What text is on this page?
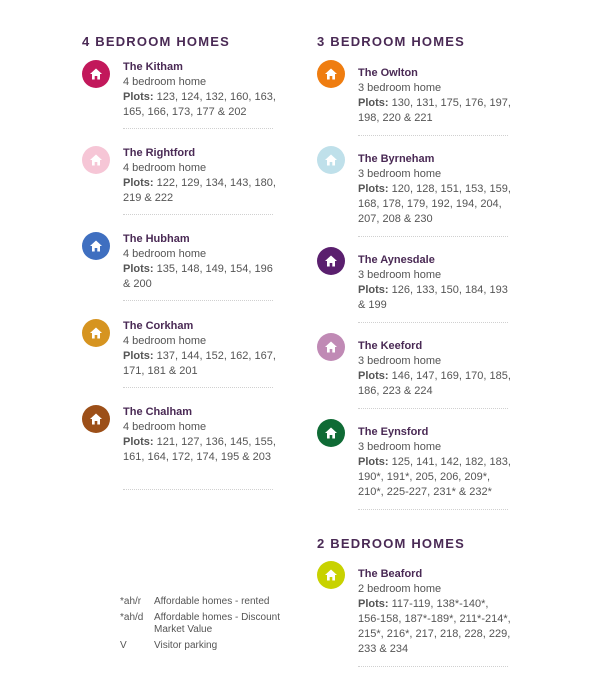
4 BEDROOM HOMES
The Kitham
4 bedroom home
Plots: 123, 124, 132, 160, 163, 165, 166, 173, 177 & 202
The Rightford
4 bedroom home
Plots: 122, 129, 134, 143, 180, 219 & 222
The Hubham
4 bedroom home
Plots: 135, 148, 149, 154, 196 & 200
The Corkham
4 bedroom home
Plots: 137, 144, 152, 162, 167, 171, 181 & 201
The Chalham
4 bedroom home
Plots: 121, 127, 136, 145, 155, 161, 164, 172, 174, 195 & 203
3 BEDROOM HOMES
The Owlton
3 bedroom home
Plots: 130, 131, 175, 176, 197, 198, 220 & 221
The Byrneham
3 bedroom home
Plots: 120, 128, 151, 153, 159, 168, 178, 179, 192, 194, 204, 207, 208 & 230
The Aynesdale
3 bedroom home
Plots: 126, 133, 150, 184, 193 & 199
The Keeford
3 bedroom home
Plots: 146, 147, 169, 170, 185, 186, 223 & 224
The Eynsford
3 bedroom home
Plots: 125, 141, 142, 182, 183, 190*, 191*, 205, 206, 209*, 210*, 225-227, 231* & 232*
2 BEDROOM HOMES
The Beaford
2 bedroom home
Plots: 117-119, 138*-140*, 156-158, 187*-189*, 211*-214*, 215*, 216*, 217, 218, 228, 229, 233 & 234
*ah/r Affordable homes - rented
*ah/d Affordable homes - Discount Market Value
V	Visitor parking
